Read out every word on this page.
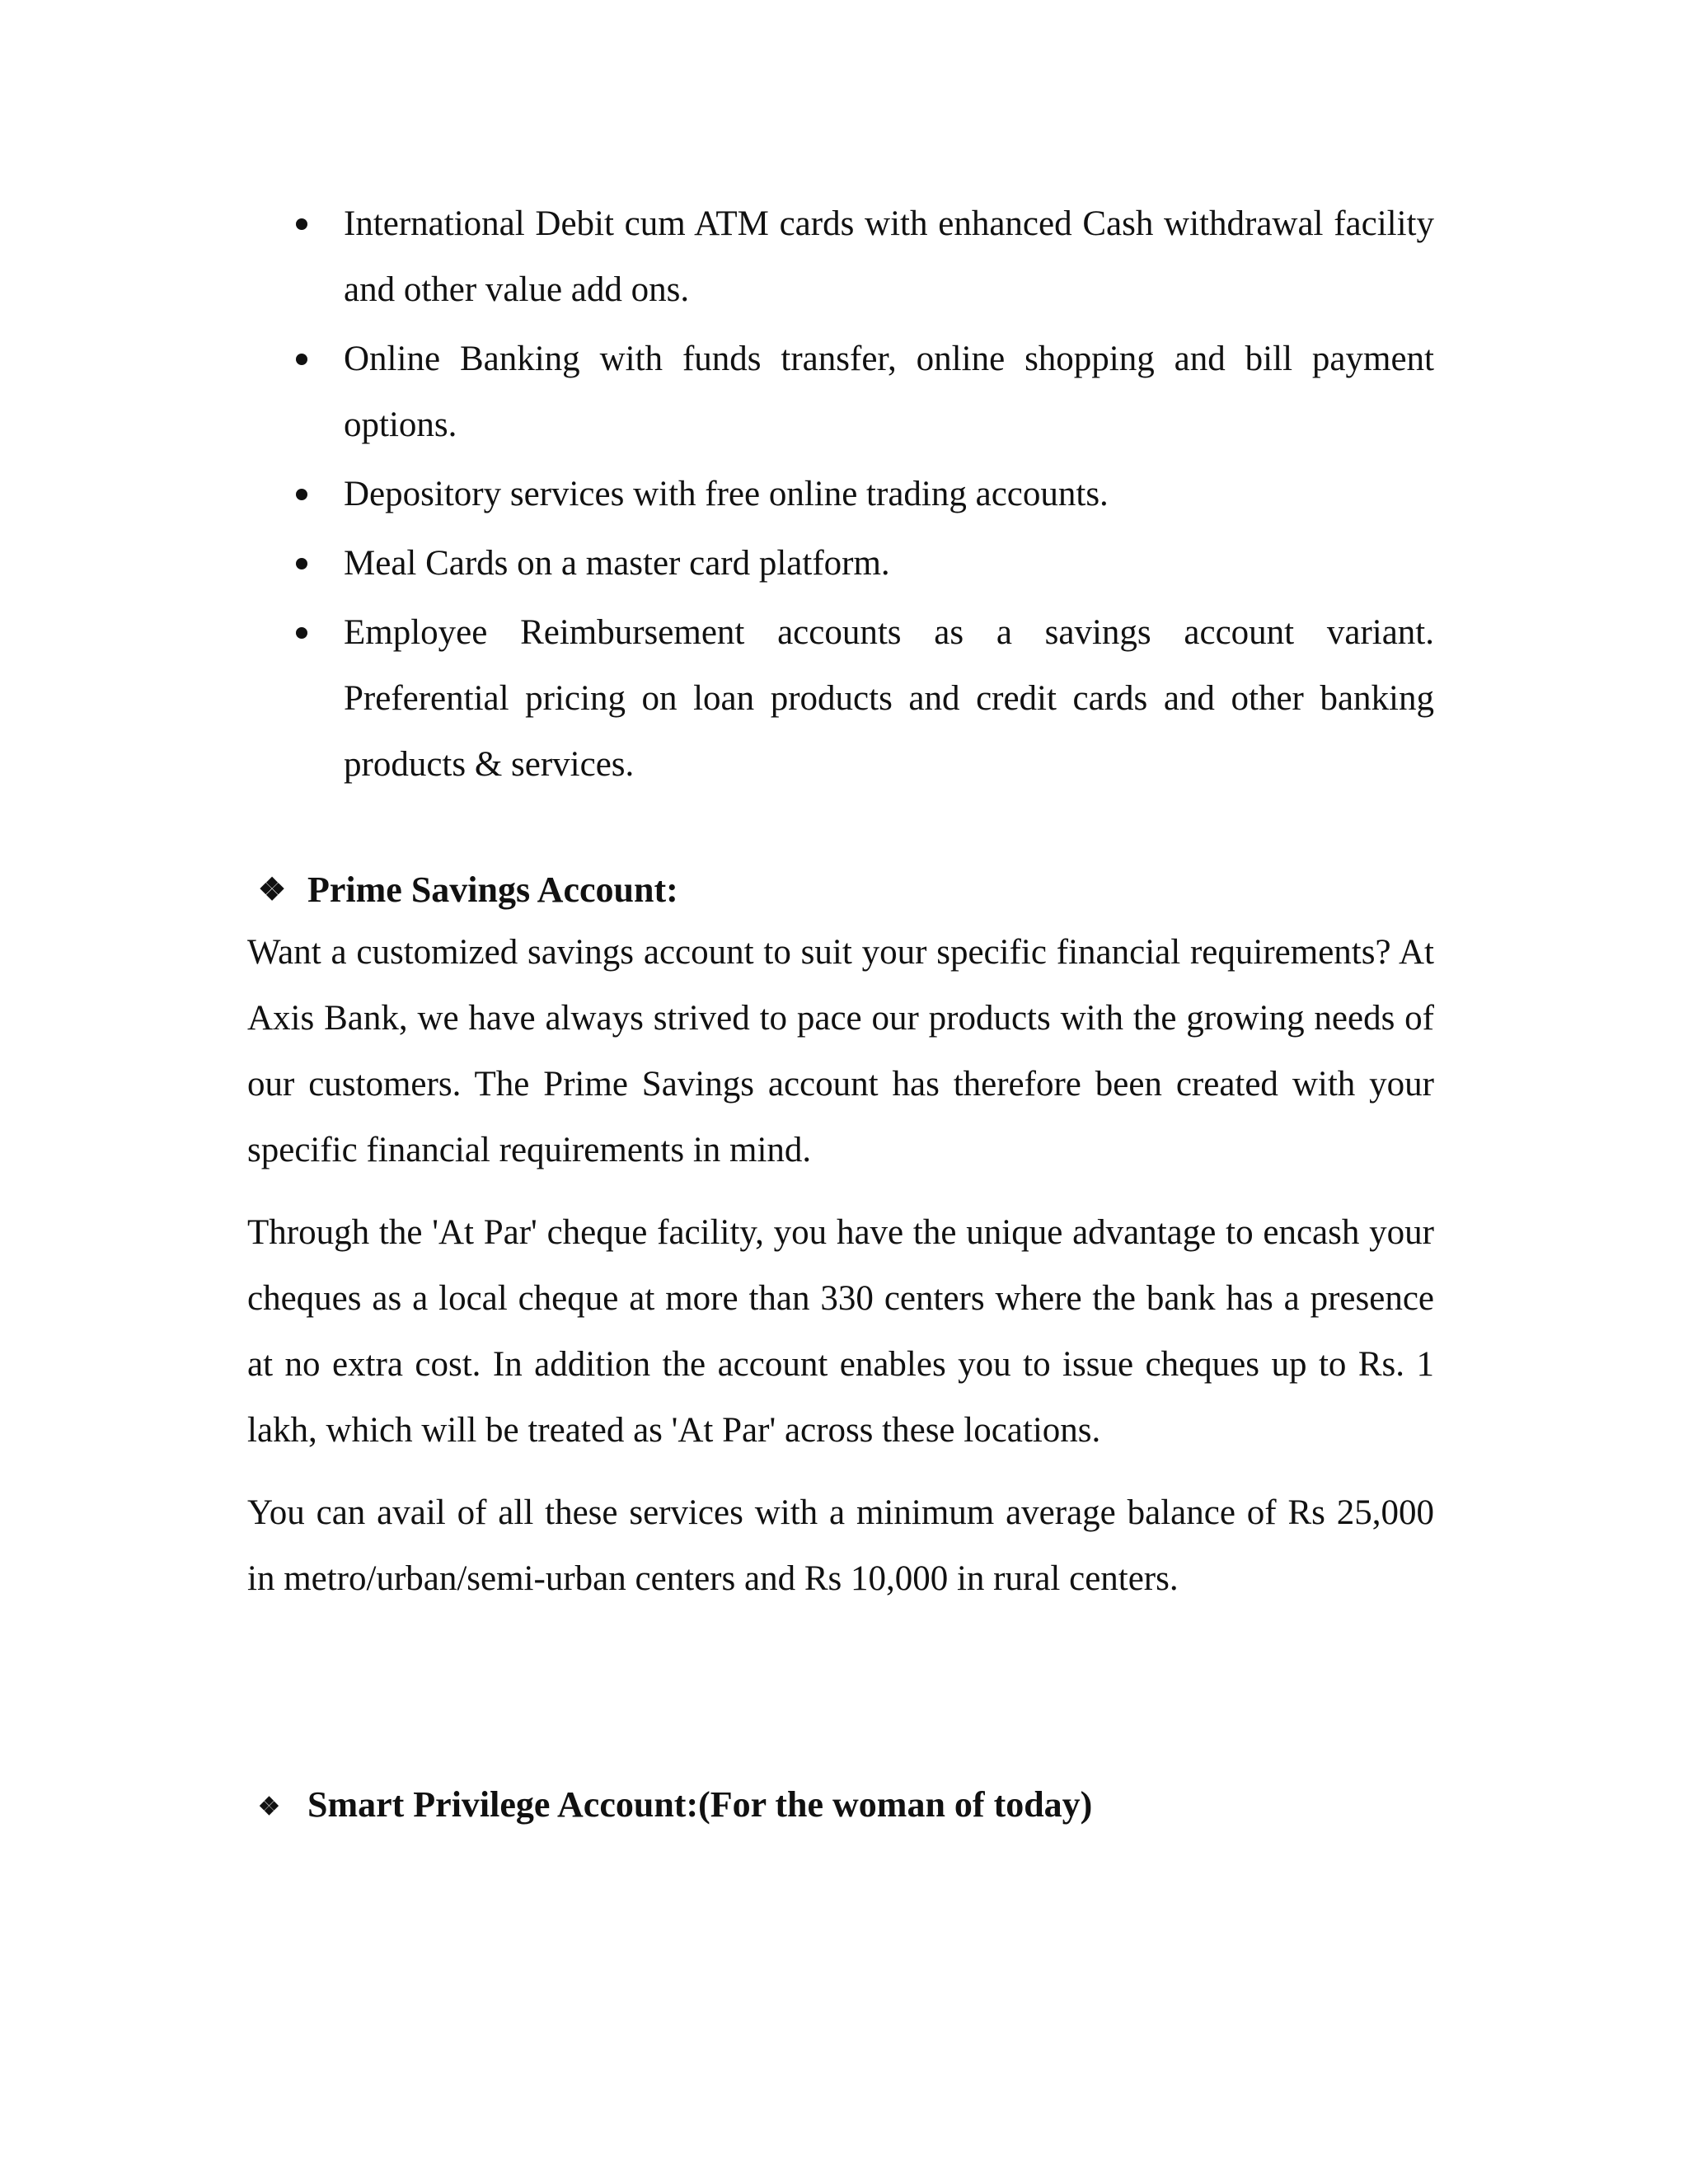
International Debit cum ATM cards with enhanced Cash withdrawal facility and other value add ons.
Online Banking with funds transfer, online shopping and bill payment options.
Depository services with free online trading accounts.
Meal Cards on a master card platform.
Employee Reimbursement accounts as a savings account variant. Preferential pricing on loan products and credit cards and other banking products & services.
❖ Prime Savings Account:

Want a customized savings account to suit your specific financial requirements? At Axis Bank, we have always strived to pace our products with the growing needs of our customers. The Prime Savings account has therefore been created with your specific financial requirements in mind.

Through the 'At Par' cheque facility, you have the unique advantage to encash your cheques as a local cheque at more than 330 centers where the bank has a presence at no extra cost. In addition the account enables you to issue cheques up to Rs. 1 lakh, which will be treated as 'At Par' across these locations.

You can avail of all these services with a minimum average balance of Rs 25,000 in metro/urban/semi-urban centers and Rs 10,000 in rural centers.

❖ Smart Privilege Account:(For the woman of today)
